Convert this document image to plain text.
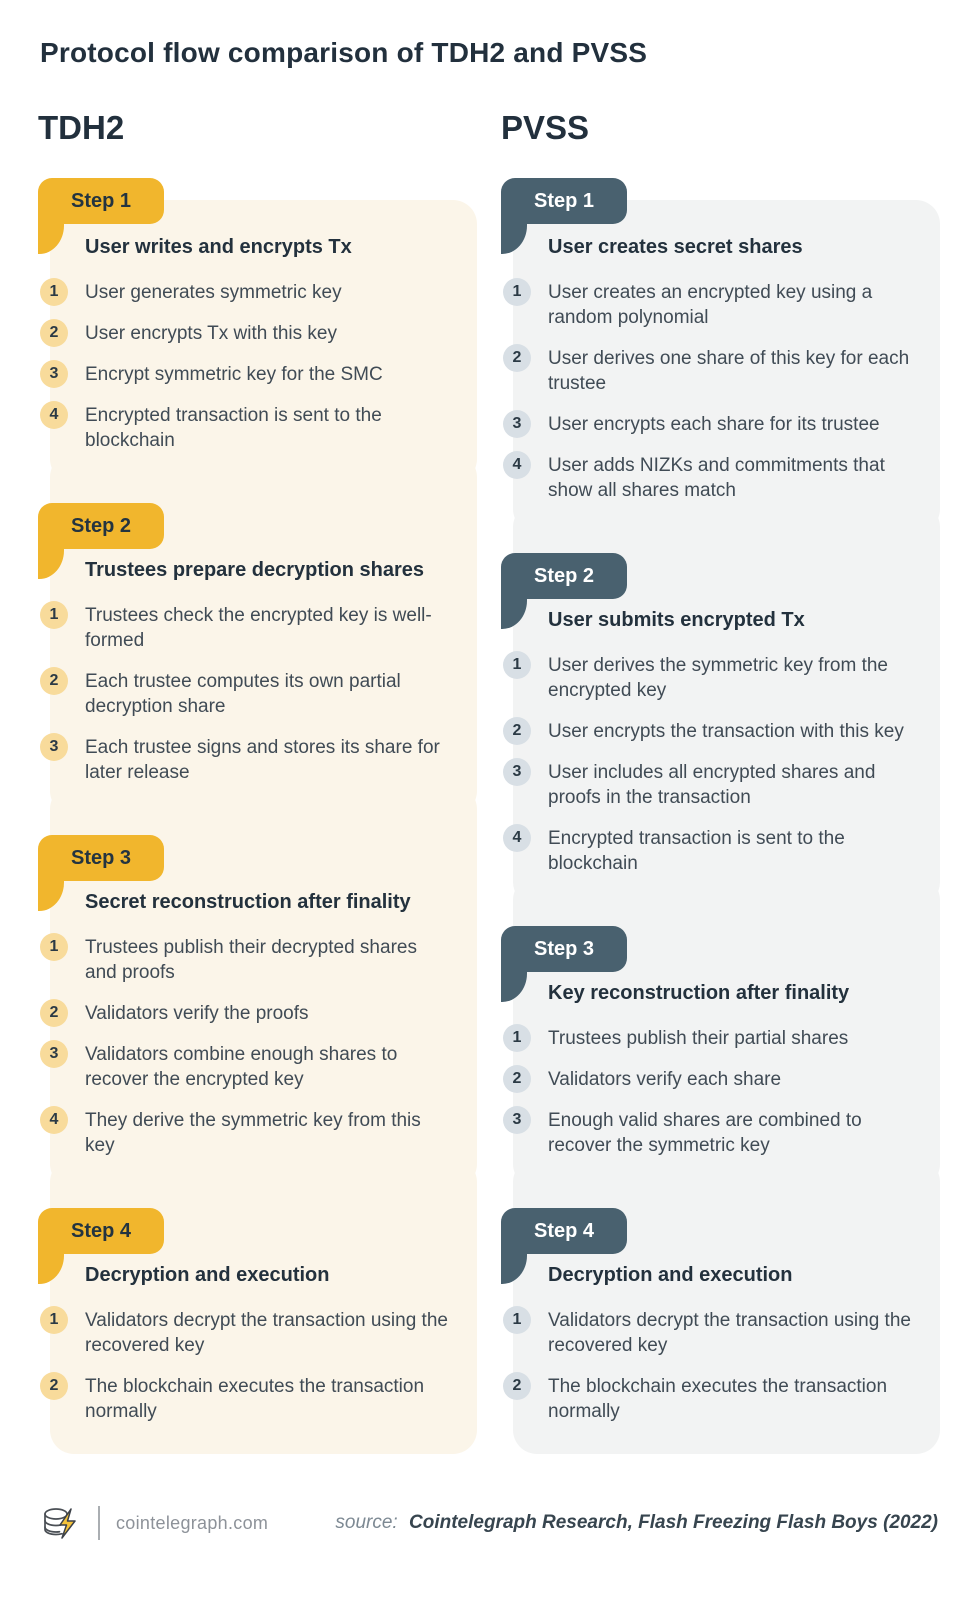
Protocol flow comparison of TDH2 and PVSS
TDH2
Step 1
User writes and encrypts Tx
1	User generates symmetric key
2	User encrypts Tx with this key
3	Encrypt symmetric key for the SMC
4	Encrypted transaction is sent to the blockchain
Step 2
Trustees prepare decryption shares
1	Trustees check the encrypted key is well-formed
2	Each trustee computes its own partial decryption share
3	Each trustee signs and stores its share for later release
Step 3
Secret reconstruction after finality
1	Trustees publish their decrypted shares and proofs
2	Validators verify the proofs
3	Validators combine enough shares to recover the encrypted key
4	They derive the symmetric key from this key
Step 4
Decryption and execution
1	Validators decrypt the transaction using the recovered key
2	The blockchain executes the transaction normally
PVSS
Step 1
User creates secret shares
1	User creates an encrypted key using a random polynomial
2	User derives one share of this key for each trustee
3	User encrypts each share for its trustee
4	User adds NIZKs and commitments that show all shares match
Step 2
User submits encrypted Tx
1	User derives the symmetric key from the encrypted key
2	User encrypts the transaction with this key
3	User includes all encrypted shares and proofs in the transaction
4	Encrypted transaction is sent to the blockchain
Step 3
Key reconstruction after finality
1	Trustees publish their partial shares
2	Validators verify each share
3	Enough valid shares are combined to recover the symmetric key
Step 4
Decryption and execution
1	Validators decrypt the transaction using the recovered key
2	The blockchain executes the transaction normally
cointelegraph.com	source: Cointelegraph Research, Flash Freezing Flash Boys (2022)
